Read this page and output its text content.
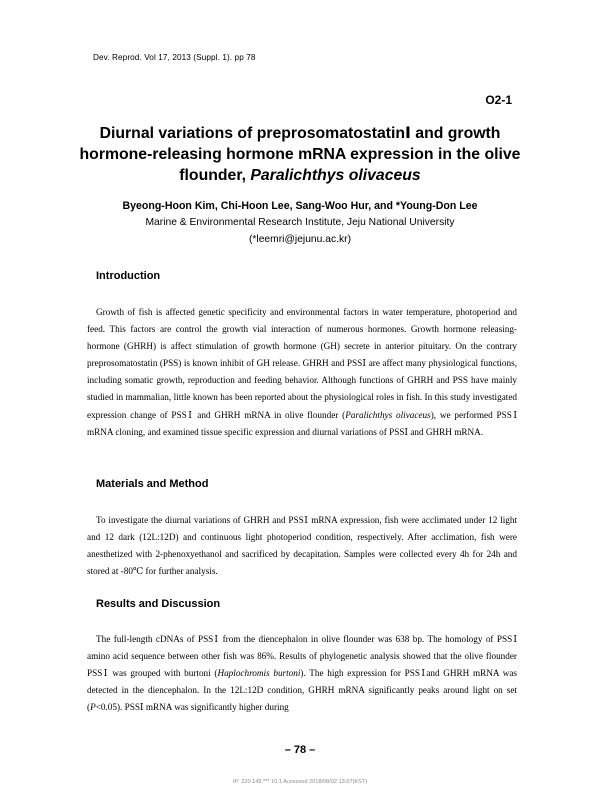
Dev. Reprod. Vol 17, 2013 (Suppl. 1). pp 78
O2-1

Diurnal variations of preprosomatostatinⅠ and growth
hormone-releasing hormone mRNA expression in the olive
flounder, Paralichthys olivaceus

Byeong-Hoon Kim, Chi-Hoon Lee, Sang-Woo Hur, and *Young-Don Lee
Marine & Environmental Research Institute, Jeju National University
(*leemri@jejunu.ac.kr)
Introduction

Growth of fish is affected genetic specificity and environmental factors in water temperature, photoperiod and feed. This factors are control the growth vial interaction of numerous hormones. Growth hormone releasing-hormone (GHRH) is affect stimulation of growth hormone (GH) secrete in anterior pituitary. On the contrary preprosomatostatin (PSS) is known inhibit of GH release. GHRH and PSSⅠ are affect many physiological functions, including somatic growth, reproduction and feeding behavior. Although functions of GHRH and PSS have mainly studied in mammalian, little known has been reported about the physiological roles in fish. In this study investigated expression change of PSSⅠ and GHRH mRNA in olive flounder (Paralichthys olivaceus), we performed PSSⅠ mRNA cloning, and examined tissue specific expression and diurnal variations of PSSⅠ and GHRH mRNA.

Materials and Method

To investigate the diurnal variations of GHRH and PSSⅠ mRNA expression, fish were acclimated under 12 light and 12 dark (12L:12D) and continuous light photoperiod condition, respectively. After acclimation, fish were anesthetized with 2-phenoxyethanol and sacrificed by decapitation. Samples were collected every 4h for 24h and stored at -80℃ for further analysis.

Results and Discussion

The full-length cDNAs of PSSⅠ from the diencephalon in olive flounder was 638 bp. The homology of PSSⅠ amino acid sequence between other fish was 86%. Results of phylogenetic analysis showed that the olive flounder PSSⅠ was grouped with burtoni (Haplochromis burtoni). The high expression for PSSⅠand GHRH mRNA was detected in the diencephalon. In the 12L:12D condition, GHRH mRNA significantly peaks around light on set (P<0.05). PSSⅠ mRNA was significantly higher during

– 78 –
IP: 220.149.*** 10.1 Accessed 2018/08/02 13:07(KST)
